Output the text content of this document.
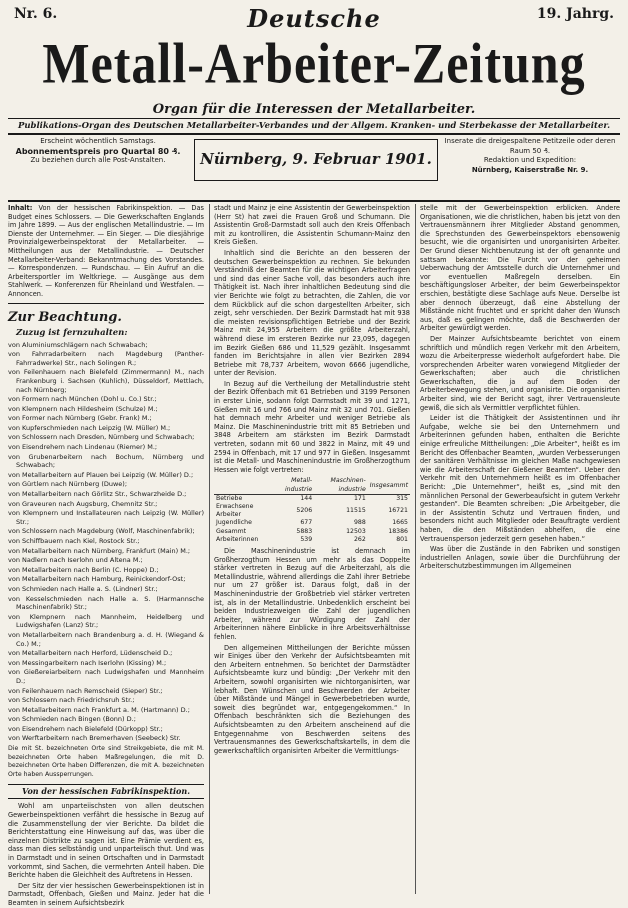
Nr. 6.	19. Jahrg.
Deutsche
Metall-Arbeiter-Zeitung
Organ für die Interessen der Metallarbeiter.
Publikations-Organ des Deutschen Metallarbeiter-Verbandes und der Allgem. Kranken- und Sterbekasse der Metallarbeiter.
Erscheint wöchentlich Samstags.
Abonnementspreis pro Quartal 80 ₰.
Zu beziehen durch alle Post-Anstalten.	Nürnberg, 9. Februar 1901.
Inserate die dreigespaltene Petitzeile oder deren Raum 50 ₰.
Redaktion und Expedition:
Nürnberg, Kaiserstraße Nr. 9.

Inhalt: Von der hessischen Fabrikinspektion. — Das Budget eines Schlossers. — Die Gewerkschaften Englands im Jahre 1899. — Aus der englischen Metallindustrie. — Im Dienste der Unternehmer. — Ein Sieger. — Die diesjährige Provinzialgewerbeinspektorat der Metallarbeiter. — Mittheilungen aus der Metallindustrie. — Deutscher Metallarbeiter-Verband: Bekanntmachung des Vorstandes. — Korrespondenzen. — Rundschau. — Ein Aufruf an die Arbeitersportler im Weltkriege. — Ausgänge aus dem Stahlwerk. — Konferenzen für Rheinland und Westfalen. — Annoncen.

Zur Beachtung.
Zuzug ist fernzuhalten:
von Aluminiumschlägern nach Schwabach;
von Fahrradarbeitern nach Magdeburg (Panther-Fahrradwerke) Str., nach Solingen R.;
von Feilenhauern nach Bielefeld (Zimmermann) M., nach Frankenburg i. Sachsen (Kuhlich), Düsseldorf, Mettlach, nach Nürnberg;
von Formern nach München (Dohl u. Co.) Str.;
von Klempnern nach Hildesheim (Schulze) M.;
von Former nach Nürnberg (Gebr. Frank) M.;
von Kupferschmieden nach Leipzig (W. Müller) M.;
von Schlossern nach Dresden, Nürnberg und Schwabach;
von Eisendrehern nach Lindenau (Riemer) M.;
von Grubenarbeitern nach Bochum, Nürnberg und Schwabach;
von Metallarbeitern auf Plauen bei Leipzig (W. Müller) D.;
von Gürtlern nach Nürnberg (Duwe);
von Metallarbeitern nach Görlitz Str., Schwarzheide D.;
von Graveuren nach Augsburg, Chemnitz Str.;
von Klempnern und Installateuren nach Leipzig (W. Müller) Str.;
von Schlossern nach Magdeburg (Wolf, Maschinenfabrik);
von Schiffbauern nach Kiel, Rostock Str.;
von Metallarbeitern nach Nürnberg, Frankfurt (Main) M.;
von Nadlern nach Iserlohn und Altena M.;
von Metallarbeitern nach Berlin (C. Hoppe) D.;
von Metallarbeitern nach Hamburg, Reinickendorf-Ost;
von Schmieden nach Halle a. S. (Lindner) Str.;
von Kesselschmieden nach Halle a. S. (Harmannsche Maschinenfabrik) Str.;
von Klempnern nach Mannheim, Heidelberg und Ludwigshafen (Lanz) Str.;
von Metallarbeitern nach Brandenburg a. d. H. (Wiegand & Co.) M.;
von Metallarbeitern nach Herford, Lüdenscheid D.;
von Messingarbeitern nach Iserlohn (Kissing) M.;
von Gießereiarbeitern nach Ludwigshafen und Mannheim D.;
von Feilenhauern nach Remscheid (Sieper) Str.;
von Schlossern nach Friedrichsruh Str.;
von Metallarbeitern nach Frankfurt a. M. (Hartmann) D.;
von Schmieden nach Bingen (Bonn) D.;
von Eisendrehern nach Bielefeld (Dürkopp) Str.;
von Werftarbeitern nach Bremerhaven (Seebeck) Str.

Die mit St. bezeichneten Orte sind Streikgebiete, die mit M. bezeichneten Orte haben Maßregelungen, die mit D. bezeichneten Orte haben Differenzen, die mit A. bezeichneten Orte haben Aussperrungen.

Von der hessischen Fabrikinspektion.

Wohl am unparteiischsten von allen deutschen Gewerbeinspektionen verfährt die hessische in Bezug auf die Zusammenstellung der vier Berichte. Da bildet die Berichterstattung eine Hinweisung auf das, was über die einzelnen Distrikte zu sagen ist. Eine Prämie verdient es, dass man dies selbständig und unparteiisch thut. Und was in Darmstadt und in seinen Ortschaften und in Darmstadt vorkommt, sind Sachen, die vermehrten Anteil haben. Die Berichte haben die Gleichheit des Auftretens in Hessen.

Der Sitz der vier hessischen Gewerbeinspektionen ist in Darmstadt, Offenbach, Gießen und Mainz. Jeder hat die Beamten in seinem Aufsichtsbezirk

stadt und Mainz je eine Assistentin der Gewerbeinspektion (Herr St) hat zwei die Frauen Groß und Schumann. Die Assistentin Groß-Darmstadt soll auch den Kreis Offenbach mit zu kontrolliren, die Assistentin Schumann-Mainz den Kreis Gießen.

Inhaltlich sind die Berichte an den besseren der deutschen Gewerbeinspektion zu rechnen. Sie bekunden Verständniß der Beamten für die wichtigen Arbeiterfragen und sind das einer Sache voll, das besonders auch ihre Thätigkeit ist. Nach ihrer inhaltlichen Bedeutung sind die vier Berichte wie folgt zu betrachten, die Zahlen, die vor dem Rückblick auf die schon dargestellten Arbeiter, sich zeigt, sehr verschieden. Der Bezirk Darmstadt hat mit 938 die meisten revisionspflichtigen Betriebe und der Bezirk Mainz mit 24,955 Arbeitern die größte Arbeiterzahl, während diese im ersteren Bezirke nur 23,095, dagegen im Bezirk Gießen 686 und 11,529 gezählt. Insgesammt fanden im Berichtsjahre in allen vier Bezirken 2894 Betriebe mit 78,737 Arbeitern, wovon 6666 jugendliche, unter der Revision.

In Bezug auf die Vertheilung der Metallindustrie steht der Bezirk Offenbach mit 61 Betrieben und 3199 Personen in erster Linie, sodann folgt Darmstadt mit 39 und 1271, Gießen mit 16 und 766 und Mainz mit 32 und 701. Gießen hat demnach mehr Arbeiter und weniger Betriebe als Mainz. Die Maschinenindustrie tritt mit 85 Betrieben und 3848 Arbeitern am stärksten im Bezirk Darmstadt vertreten, sodann mit 60 und 3822 in Mainz, mit 49 und 2594 in Offenbach, mit 17 und 977 in Gießen. Insgesammt ist die Metall- und Maschinenindustrie im Großherzogthum Hessen wie folgt vertreten:

	Metall-industrie	Maschinen-industrie	Insgesammt
Betriebe	144	171	315
Erwachsene Arbeiter	5206	11515	16721
Jugendliche	677	988	1665
Gesammt	5883	12503	18386
Arbeiterinnen	539	262	801

Die Maschinenindustrie ist demnach im Großherzogthum Hessen um mehr als das Doppelte stärker vertreten in Bezug auf die Arbeiterzahl, als die Metallindustrie, während allerdings die Zahl ihrer Betriebe nur um 27 größer ist. Daraus folgt, daß in der Maschinenindustrie der Großbetrieb viel stärker vertreten ist, als in der Metallindustrie. Unbedenklich erscheint bei beiden Industriezweigen die Zahl der jugendlichen Arbeiter, während zur Würdigung der Zahl der Arbeiterinnen nähere Einblicke in ihre Arbeitsverhältnisse fehlen.

Den allgemeinen Mittheilungen der Berichte müssen wir Einiges über den Verkehr der Aufsichtsbeamten mit den Arbeitern entnehmen. So berichtet der Darmstädter Aufsichtsbeamte kurz und bündig: „Der Verkehr mit den Arbeitern, sowohl organisirten wie nichtorganisirten, war lebhaft. Den Wünschen und Beschwerden der Arbeiter über Mißstände und Mängel in Gewerbebetrieben wurde, soweit dies begründet war, entgegengekommen.“ In Offenbach beschränkten sich die Beziehungen des Aufsichtsbeamten zu den Arbeitern anscheinend auf die Entgegennahme von Beschwerden seitens des Vertrauensmannes des Gewerkschaftskartells, in dem die gewerkschaftlich organisirten Arbeiter die Vermittlungs-

stelle mit der Gewerbeinspektion erblicken. Andere Organisationen, wie die christlichen, haben bis jetzt von den Vertrauensmännern ihrer Mitglieder Abstand genommen, die Sprechstunden des Gewerbeinspektors ebensowenig besucht, wie die organisirten und unorganisirten Arbeiter. Der Grund dieser Nichtbenutzung ist der oft genannte und sattsam bekannte: Die Furcht vor der geheimen Ueberwachung der Amtsstelle durch die Unternehmer und vor eventuellen Maßregeln derselben. Ein beschäftigungsloser Arbeiter, der beim Gewerbeinspektor erschien, bestätigte diese Sachlage aufs Neue. Derselbe ist aber dennoch überzeugt, daß eine Abstellung der Mißstände nicht fruchtet und er spricht daher den Wunsch aus, daß es gelingen möchte, daß die Beschwerden der Arbeiter gewürdigt werden.

Der Mainzer Aufsichtsbeamte berichtet von einem schriftlich und mündlich regen Verkehr mit den Arbeitern, wozu die Arbeiterpresse wiederholt aufgefordert habe. Die vorsprechenden Arbeiter waren vorwiegend Mitglieder der Gewerkschaften; aber auch die christlichen Gewerkschaften, die ja auf dem Boden der Arbeiterbewegung stehen, und organisirte. Die organisirten Arbeiter sind, wie der Bericht sagt, ihrer Vertrauensleute gewiß, die sich als Vermittler verpflichtet fühlen.

Leider ist die Thätigkeit der Assistentinnen und ihr Aufgabe, welche sie bei den Unternehmern und Arbeiterinnen gefunden haben, enthalten die Berichte einige erfreuliche Mittheilungen: „Die Arbeiter“, heißt es im Bericht des Offenbacher Beamten, „wurden Verbesserungen der sanitären Verhältnisse im gleichen Maße nachgewiesen wie die Arbeiterschaft der Gießener Beamten“. Ueber den Verkehr mit den Unternehmern heißt es im Offenbacher Bericht: „Die Unternehmer“, heißt es, „sind mit den männlichen Personal der Gewerbeaufsicht in gutem Verkehr gestanden“. Die Beamten schreiben: „Die Arbeitgeber, die in der Assistentin Schutz und Vertrauen finden, und besonders nicht auch Mitglieder oder Beauftragte verdient haben, die den Mißständen abhelfen, die eine Vertrauensperson jederzeit gern gesehen haben.“

Was über die Zustände in den Fabriken und sonstigen industriellen Anlagen, sowie über die Durchführung der Arbeiterschutzbestimmungen im Allgemeinen
